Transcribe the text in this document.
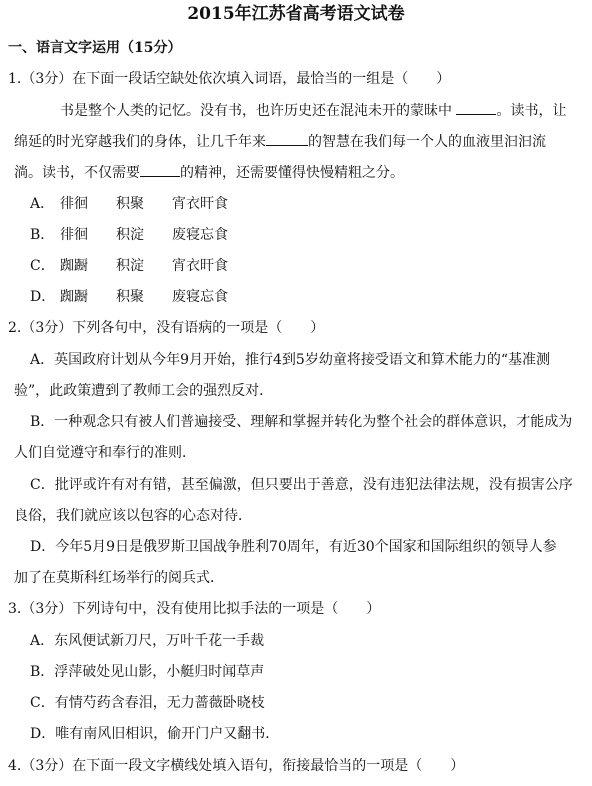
2015年江苏省高考语文试卷
一、语言文字运用（15分）
1.（3分）在下面一段话空缺处依次填入词语，最恰当的一组是（　　）
书是整个人类的记忆。没有书，也许历史还在混沌未开的蒙昧中	。读书，让
绵延的时光穿越我们的身体，让几千年来	的智慧在我们每一个人的血液里汩汩流
淌。读书，不仅需要	的精神，还需要懂得快慢精粗之分。
A． 徘徊 积聚 宵衣旰食
B． 徘徊 积淀 废寝忘食
C． 踟蹰 积淀 宵衣旰食
D． 踟蹰 积聚 废寝忘食
2.（3分）下列各句中，没有语病的一项是（　　）
A．英国政府计划从今年9月开始，推行4到5岁幼童将接受语文和算术能力的“基准测
验”，此政策遭到了教师工会的强烈反对．
B．一种观念只有被人们普遍接受、理解和掌握并转化为整个社会的群体意识，才能成为
人们自觉遵守和奉行的准则．
C．批评或许有对有错，甚至偏激，但只要出于善意，没有违犯法律法规，没有损害公序
良俗，我们就应该以包容的心态对待．
D．今年5月9日是俄罗斯卫国战争胜利70周年，有近30个国家和国际组织的领导人参
加了在莫斯科红场举行的阅兵式．
3.（3分）下列诗句中，没有使用比拟手法的一项是（　　）
A．东风便试新刀尺，万叶千花一手裁
B．浮萍破处见山影，小艇归时闻草声
C．有情芍药含春泪，无力蔷薇卧晓枝
D．唯有南风旧相识，偷开门户又翻书．
4.（3分）在下面一段文字横线处填入语句，衔接最恰当的一项是（　　）
